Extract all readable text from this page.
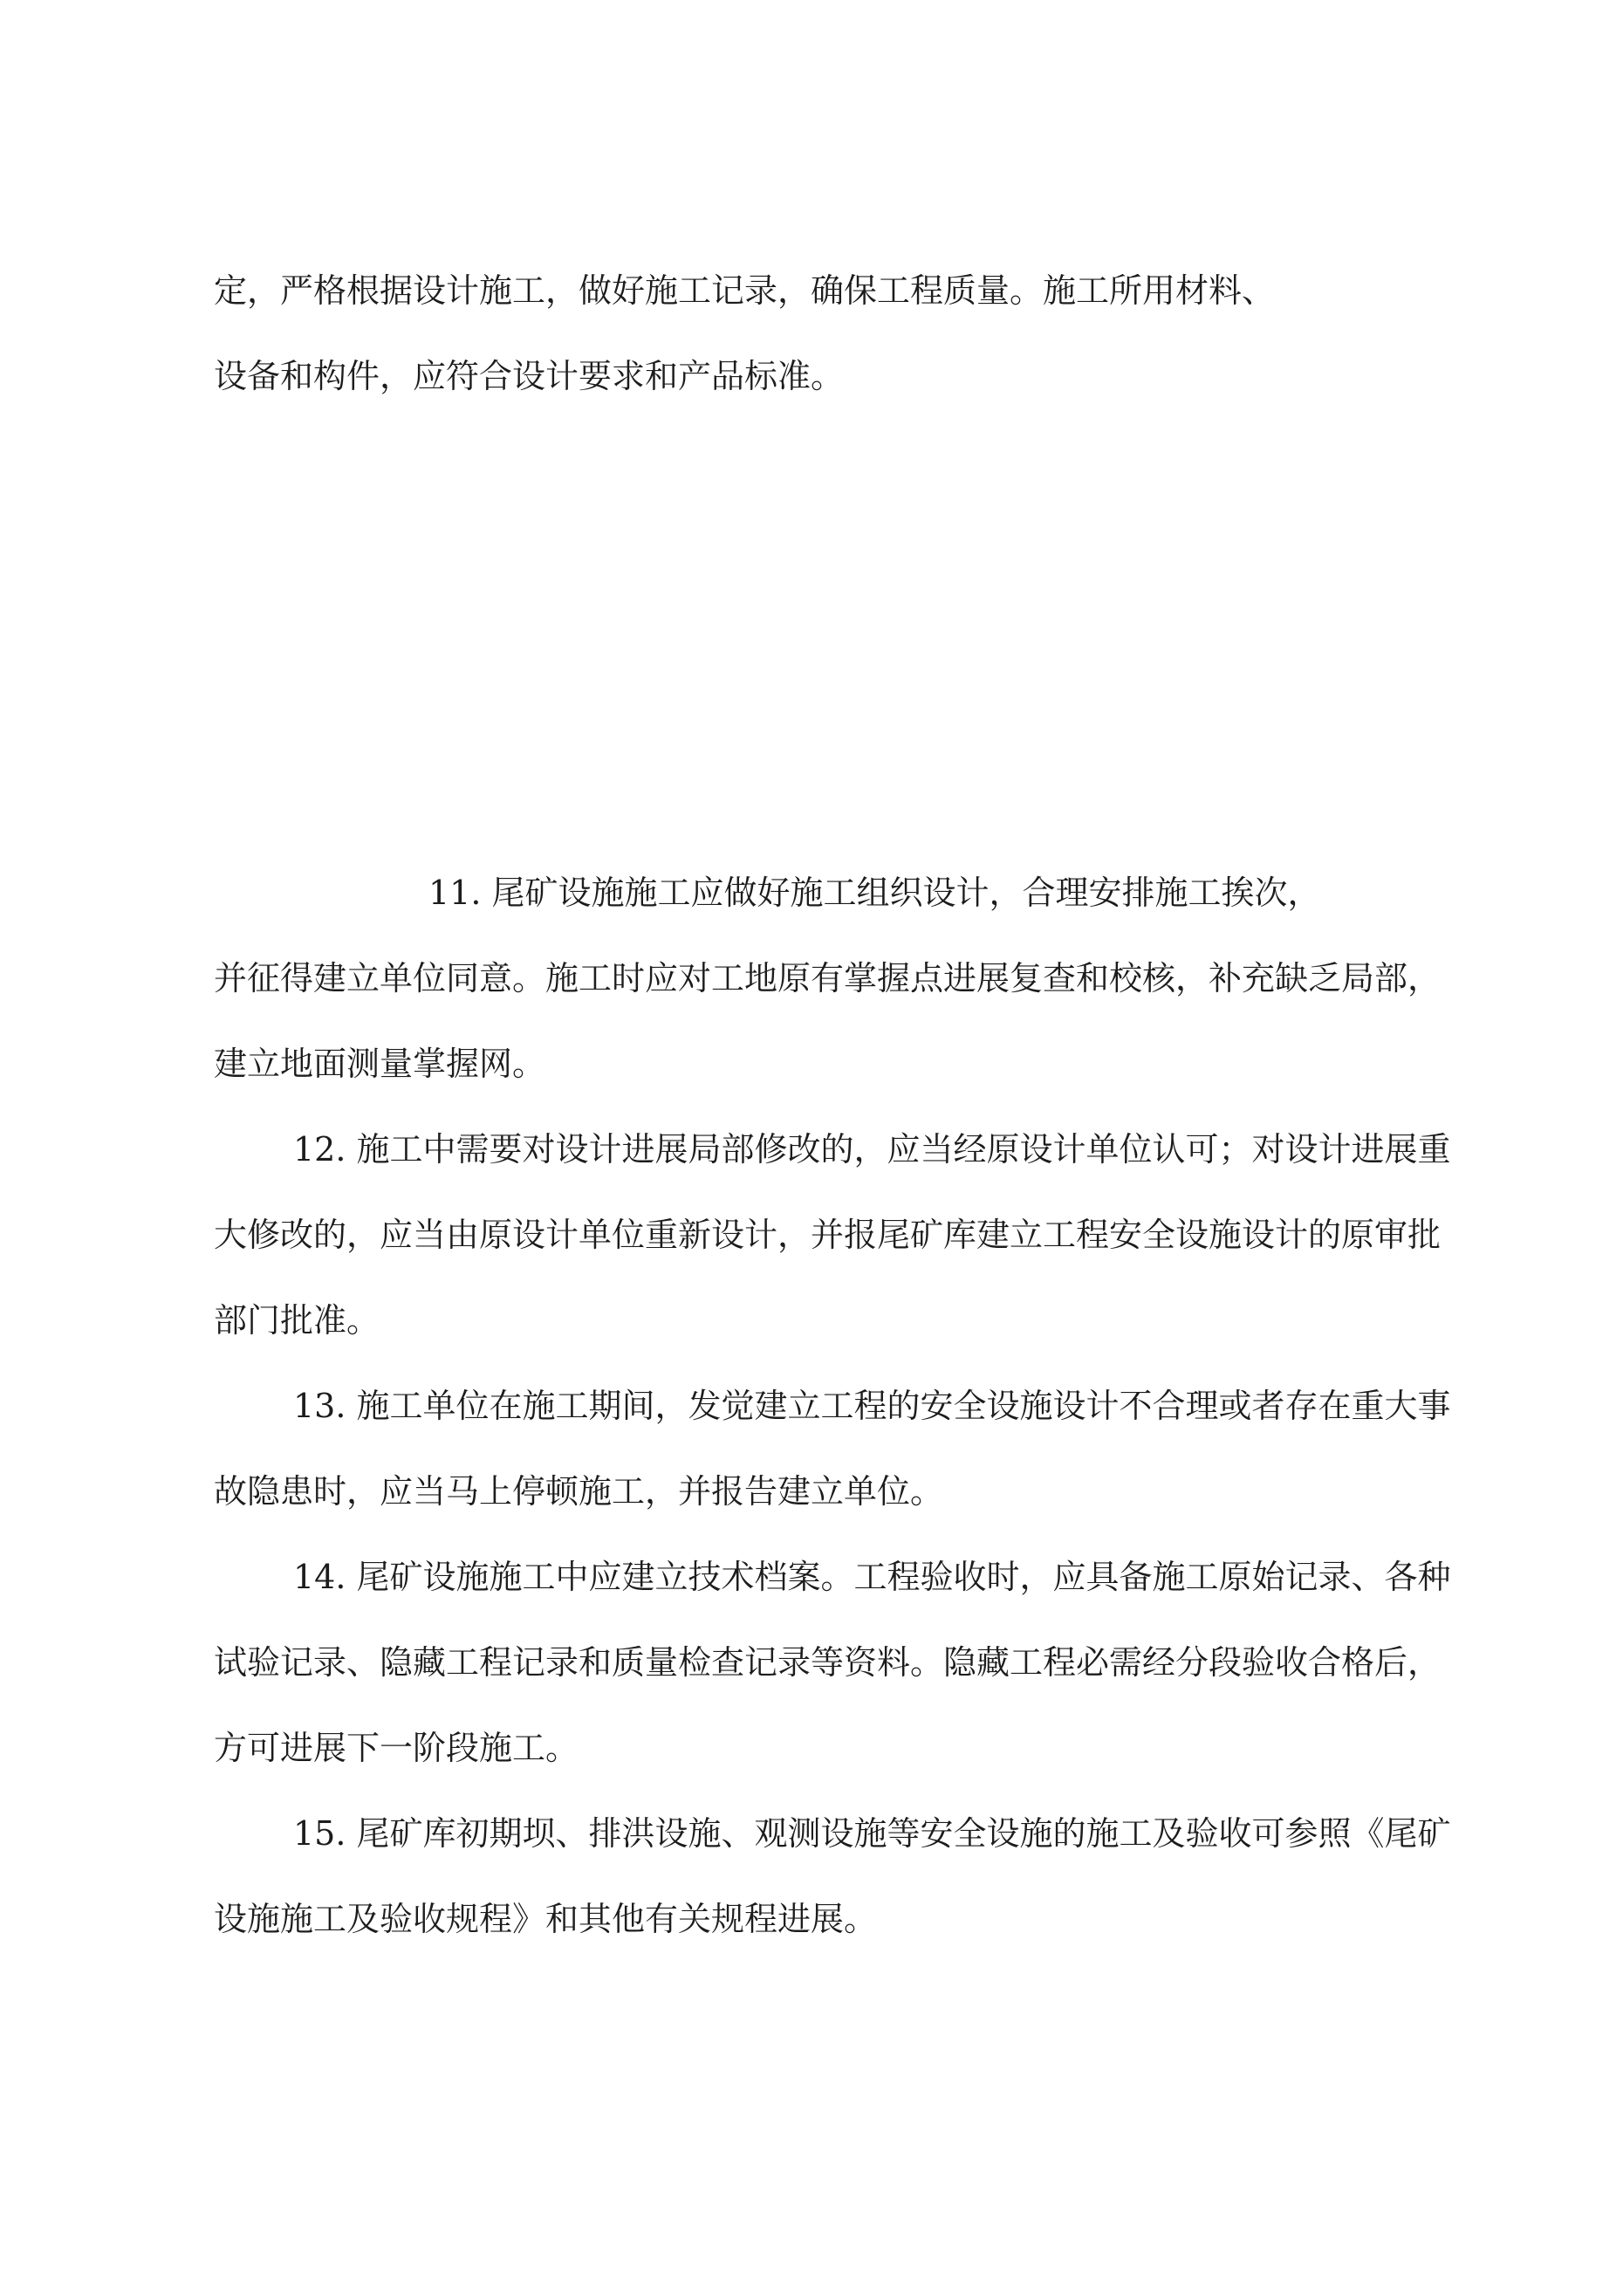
定，严格根据设计施工，做好施工记录，确保工程质量。施工所用材料、
设备和构件，应符合设计要求和产品标准。
11. 尾矿设施施工应做好施工组织设计，合理安排施工挨次，
并征得建立单位同意。施工时应对工地原有掌握点进展复查和校核，补充缺乏局部，
建立地面测量掌握网。
12. 施工中需要对设计进展局部修改的，应当经原设计单位认可；对设计进展重
大修改的，应当由原设计单位重新设计，并报尾矿库建立工程安全设施设计的原审批
部门批准。
13. 施工单位在施工期间，发觉建立工程的安全设施设计不合理或者存在重大事
故隐患时，应当马上停顿施工，并报告建立单位。
14. 尾矿设施施工中应建立技术档案。工程验收时，应具备施工原始记录、各种
试验记录、隐藏工程记录和质量检查记录等资料。隐藏工程必需经分段验收合格后，
方可进展下一阶段施工。
15. 尾矿库初期坝、排洪设施、观测设施等安全设施的施工及验收可参照《尾矿
设施施工及验收规程》和其他有关规程进展。
